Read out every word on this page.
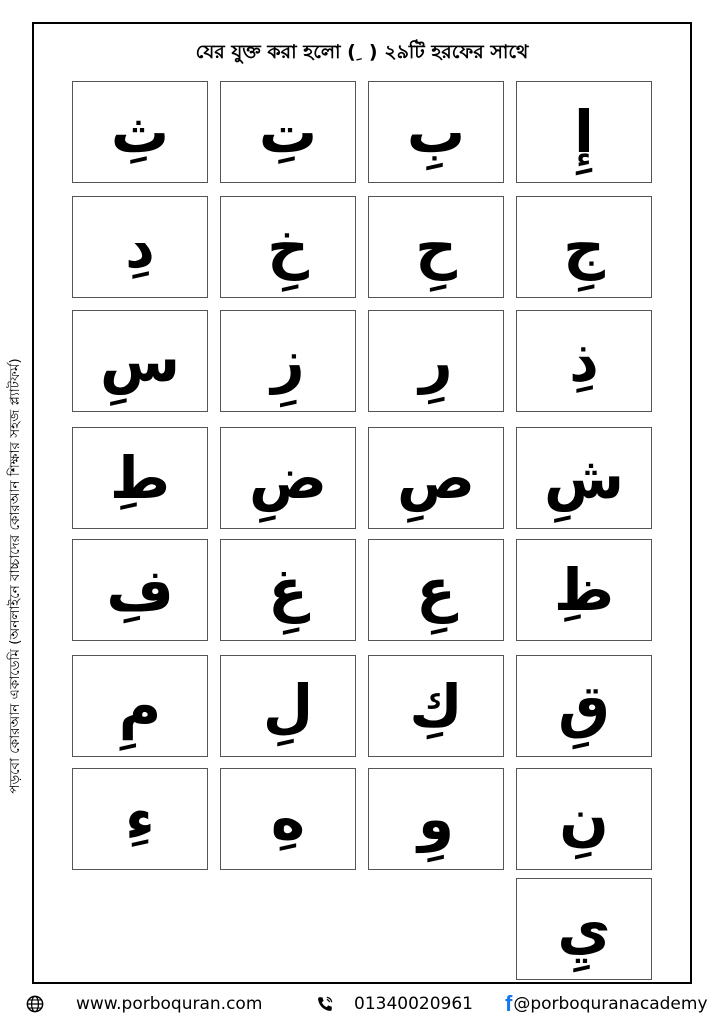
যের যুক্ত করা হলো ( ِ ) ২৯টি হরফের সাথে
إِ
بِ
تِ
ثِ
جِ
حِ
خِ
دِ
ذِ
رِ
زِ
سِ
شِ
صِ
ضِ
طِ
ظِ
عِ
غِ
فِ
قِ
كِ
لِ
مِ
نِ
وِ
هِ
ءِ
يِ
পড়বো কোরআন একাডেমি (অনলাইনে বাচ্চাদের কোরআন শিক্ষার সহজ প্ল্যাটফর্ম)
www.porboquran.com	01340020961 f @porboquranacademy
